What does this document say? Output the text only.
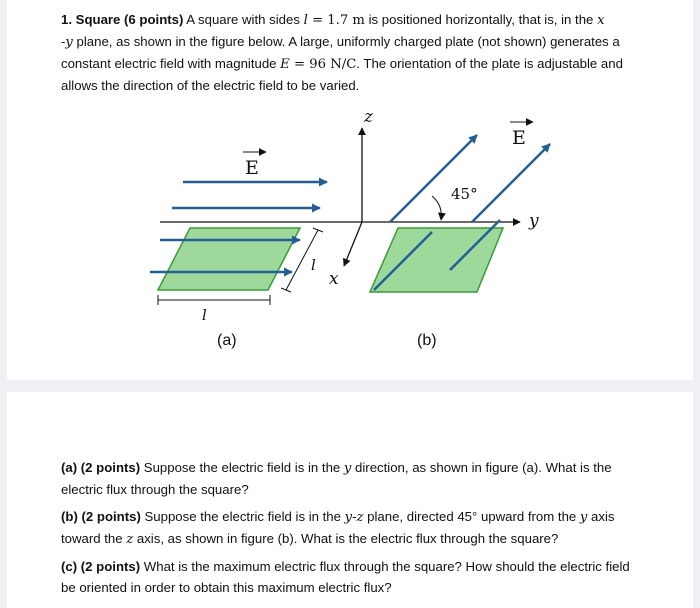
1. Square (6 points) A square with sides l = 1.7 m is positioned horizontally, that is, in the x
-y plane, as shown in the figure below. A large, uniformly charged plate (not shown) generates a constant electric field with magnitude E = 96 N/C. The orientation of the plate is adjustable and allows the direction of the electric field to be varied.

E
l
l
z
x
y
45°
E
(a)	(b)

(a) (2 points) Suppose the electric field is in the y direction, as shown in figure (a). What is the electric flux through the square?

(b) (2 points) Suppose the electric field is in the y-z plane, directed 45° upward from the y axis toward the z axis, as shown in figure (b). What is the electric flux through the square?

(c) (2 points) What is the maximum electric flux through the square? How should the electric field be oriented in order to obtain this maximum electric flux?
